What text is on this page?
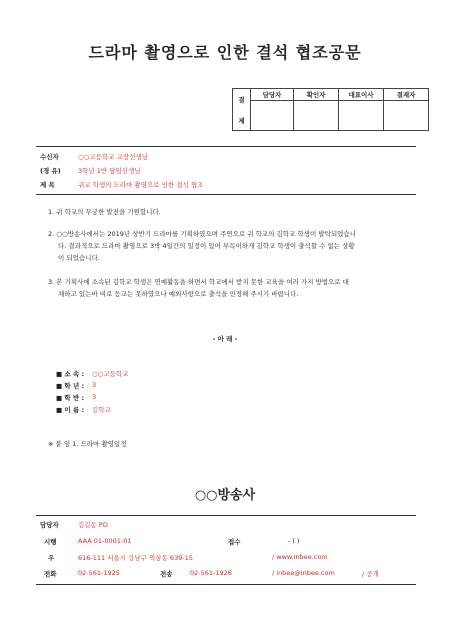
드라마 촬영으로 인한 결석 협조공문
결
제	담당자	확인자	대표이사	결재자

수신자	○○고등학교 교장선생님
(경 유)	3학년 1반 담임선생님
제 목	귀교 학생의 드라마 촬영으로 인한 결석 협조
1. 귀 학교의 무궁한 발전을 기원합니다.
2. ○○방송사에서는 2019년 상반기 드라마를 기획하였으며 주연으로 귀 학교의 김학교 학생이 발탁되었습니
다. 결과적으로 드라마 촬영으로 3박 4일간의 일정이 있어 부득이하게 김학교 학생이 출석할 수 없는 상황
이 되었습니다.
3. 본 기획사에 소속된 김학교 학생은 연예활동을 하면서 학교에서 받지 못한 교육을 여러 가지 방법으로 대
체하고 있는바 비로 등교는 못하였으나 예외사항으로 출석을 인정해 주시기 바랍니다.
- 아 래 -
■ 소 속 : ○○고등학교
■ 학 년 : 3
■ 학 반 : 3
■ 이 름 : 김학교
※ 붙 임 1. 드라마 촬영일정
○○방송사
담당자	김길동 PD
시행	AAA 01-0001-01	접수	- ( )
우	616-111 서울시 강남구 역삼동 639-15	/ www.inbee.com
전화	02-561-1925	전송	02-561-1926	/ inbee@inbee.com	/ 공개
